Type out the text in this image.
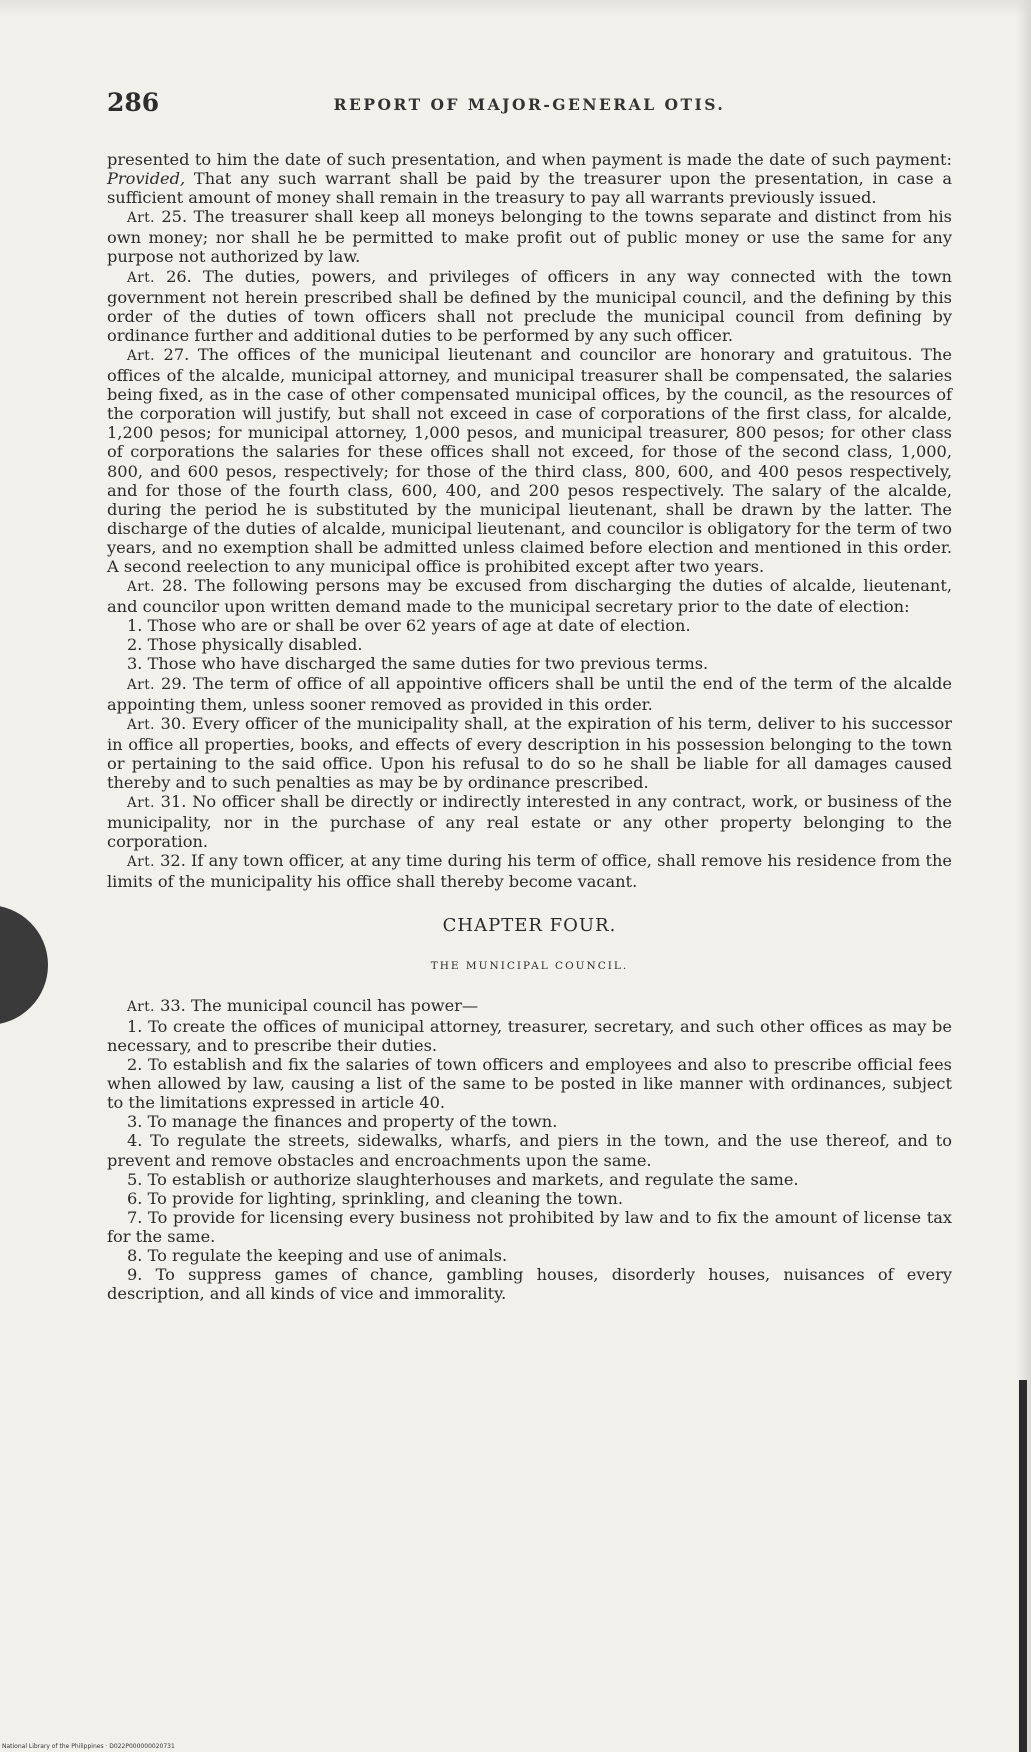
286	REPORT OF MAJOR-GENERAL OTIS.

presented to him the date of such presentation, and when payment is made the date of such payment: Provided, That any such warrant shall be paid by the treasurer upon the presentation, in case a sufficient amount of money shall remain in the treasury to pay all warrants previously issued.

Art. 25. The treasurer shall keep all moneys belonging to the towns separate and distinct from his own money; nor shall he be permitted to make profit out of public money or use the same for any purpose not authorized by law.

Art. 26. The duties, powers, and privileges of officers in any way connected with the town government not herein prescribed shall be defined by the municipal council, and the defining by this order of the duties of town officers shall not preclude the municipal council from defining by ordinance further and additional duties to be performed by any such officer.

Art. 27. The offices of the municipal lieutenant and councilor are honorary and gratuitous. The offices of the alcalde, municipal attorney, and municipal treasurer shall be compensated, the salaries being fixed, as in the case of other compensated municipal offices, by the council, as the resources of the corporation will justify, but shall not exceed in case of corporations of the first class, for alcalde, 1,200 pesos; for municipal attorney, 1,000 pesos, and municipal treasurer, 800 pesos; for other class of corporations the salaries for these offices shall not exceed, for those of the second class, 1,000, 800, and 600 pesos, respectively; for those of the third class, 800, 600, and 400 pesos respectively, and for those of the fourth class, 600, 400, and 200 pesos respectively. The salary of the alcalde, during the period he is substituted by the municipal lieutenant, shall be drawn by the latter. The discharge of the duties of alcalde, municipal lieutenant, and councilor is obligatory for the term of two years, and no exemption shall be admitted unless claimed before election and mentioned in this order. A second reelection to any municipal office is prohibited except after two years.

Art. 28. The following persons may be excused from discharging the duties of alcalde, lieutenant, and councilor upon written demand made to the municipal secretary prior to the date of election:

1. Those who are or shall be over 62 years of age at date of election.

2. Those physically disabled.

3. Those who have discharged the same duties for two previous terms.

Art. 29. The term of office of all appointive officers shall be until the end of the term of the alcalde appointing them, unless sooner removed as provided in this order.

Art. 30. Every officer of the municipality shall, at the expiration of his term, deliver to his successor in office all properties, books, and effects of every description in his possession belonging to the town or pertaining to the said office. Upon his refusal to do so he shall be liable for all damages caused thereby and to such penalties as may be by ordinance prescribed.

Art. 31. No officer shall be directly or indirectly interested in any contract, work, or business of the municipality, nor in the purchase of any real estate or any other property belonging to the corporation.

Art. 32. If any town officer, at any time during his term of office, shall remove his residence from the limits of the municipality his office shall thereby become vacant.

CHAPTER FOUR.

THE MUNICIPAL COUNCIL.

Art. 33. The municipal council has power—

1. To create the offices of municipal attorney, treasurer, secretary, and such other offices as may be necessary, and to prescribe their duties.

2. To establish and fix the salaries of town officers and employees and also to prescribe official fees when allowed by law, causing a list of the same to be posted in like manner with ordinances, subject to the limitations expressed in article 40.

3. To manage the finances and property of the town.

4. To regulate the streets, sidewalks, wharfs, and piers in the town, and the use thereof, and to prevent and remove obstacles and encroachments upon the same.

5. To establish or authorize slaughterhouses and markets, and regulate the same.

6. To provide for lighting, sprinkling, and cleaning the town.

7. To provide for licensing every business not prohibited by law and to fix the amount of license tax for the same.

8. To regulate the keeping and use of animals.

9. To suppress games of chance, gambling houses, disorderly houses, nuisances of every description, and all kinds of vice and immorality.

National Library of the Philippines · D022P000000020731
